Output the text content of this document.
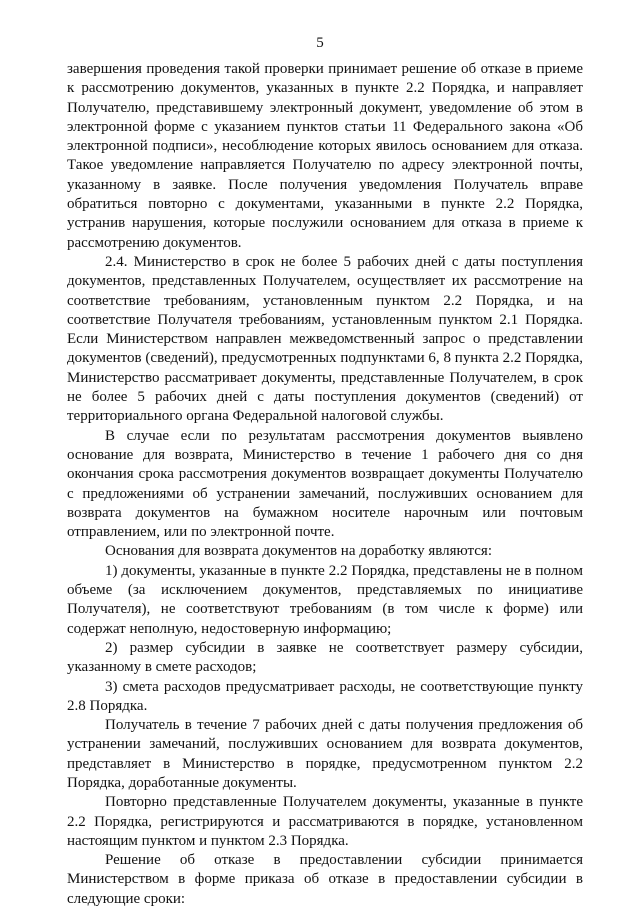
5

завершения проведения такой проверки принимает решение об отказе в приеме к рассмотрению документов, указанных в пункте 2.2 Порядка, и направляет Получателю, представившему электронный документ, уведомление об этом в электронной форме с указанием пунктов статьи 11 Федерального закона «Об электронной подписи», несоблюдение которых явилось основанием для отказа. Такое уведомление направляется Получателю по адресу электронной почты, указанному в заявке. После получения уведомления Получатель вправе обратиться повторно с документами, указанными в пункте 2.2 Порядка, устранив нарушения, которые послужили основанием для отказа в приеме к рассмотрению документов.

2.4. Министерство в срок не более 5 рабочих дней с даты поступления документов, представленных Получателем, осуществляет их рассмотрение на соответствие требованиям, установленным пунктом 2.2 Порядка, и на соответствие Получателя требованиям, установленным пунктом 2.1 Порядка. Если Министерством направлен межведомственный запрос о представлении документов (сведений), предусмотренных подпунктами 6, 8 пункта 2.2 Порядка, Министерство рассматривает документы, представленные Получателем, в срок не более 5 рабочих дней с даты поступления документов (сведений) от территориального органа Федеральной налоговой службы.

В случае если по результатам рассмотрения документов выявлено основание для возврата, Министерство в течение 1 рабочего дня со дня окончания срока рассмотрения документов возвращает документы Получателю с предложениями об устранении замечаний, послуживших основанием для возврата документов на бумажном носителе нарочным или почтовым отправлением, или по электронной почте.

Основания для возврата документов на доработку являются:

1) документы, указанные в пункте 2.2 Порядка, представлены не в полном объеме (за исключением документов, представляемых по инициативе Получателя), не соответствуют требованиям (в том числе к форме) или содержат неполную, недостоверную информацию;

2) размер субсидии в заявке не соответствует размеру субсидии, указанному в смете расходов;

3) смета расходов предусматривает расходы, не соответствующие пункту 2.8 Порядка.

Получатель в течение 7 рабочих дней с даты получения предложения об устранении замечаний, послуживших основанием для возврата документов, представляет в Министерство в порядке, предусмотренном пунктом 2.2 Порядка, доработанные документы.

Повторно представленные Получателем документы, указанные в пункте 2.2 Порядка, регистрируются и рассматриваются в порядке, установленном настоящим пунктом и пунктом 2.3 Порядка.

Решение об отказе в предоставлении субсидии принимается Министерством в форме приказа об отказе в предоставлении субсидии в следующие сроки:
